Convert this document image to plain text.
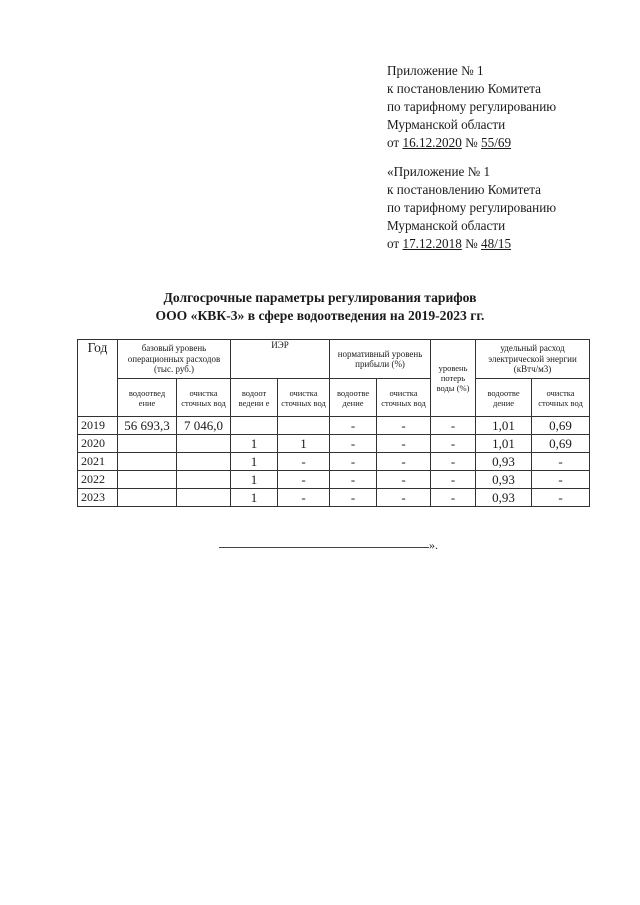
Приложение № 1
к постановлению Комитета
по тарифному регулированию
Мурманской области
от 16.12.2020 № 55/69
«Приложение № 1
к постановлению Комитета
по тарифному регулированию
Мурманской области
от 17.12.2018 № 48/15
Долгосрочные параметры регулирования тарифов
ООО «КВК-3» в сфере водоотведения на 2019-2023 гг.
Год	базовый уровень операционных расходов (тыс. руб.)		ИЭР		нормативный уровень прибыли (%)		уровень потерь воды (%)	удельный расход электрической энергии (кВтч/м3)	
	водоотвед ение	очистка сточных вод	водоот ведени е	очистка сточных вод	водоотве дение	очистка сточных вод		водоотве дение	очистка сточных вод
2019	56 693,3	7 046,0			-	-	-	1,01	0,69
2020			1	1	-	-	-	1,01	0,69
2021			1	-	-	-	-	0,93	-
2022			1	-	-	-	-	0,93	-
2023			1	-	-	-	-	0,93	-
».
